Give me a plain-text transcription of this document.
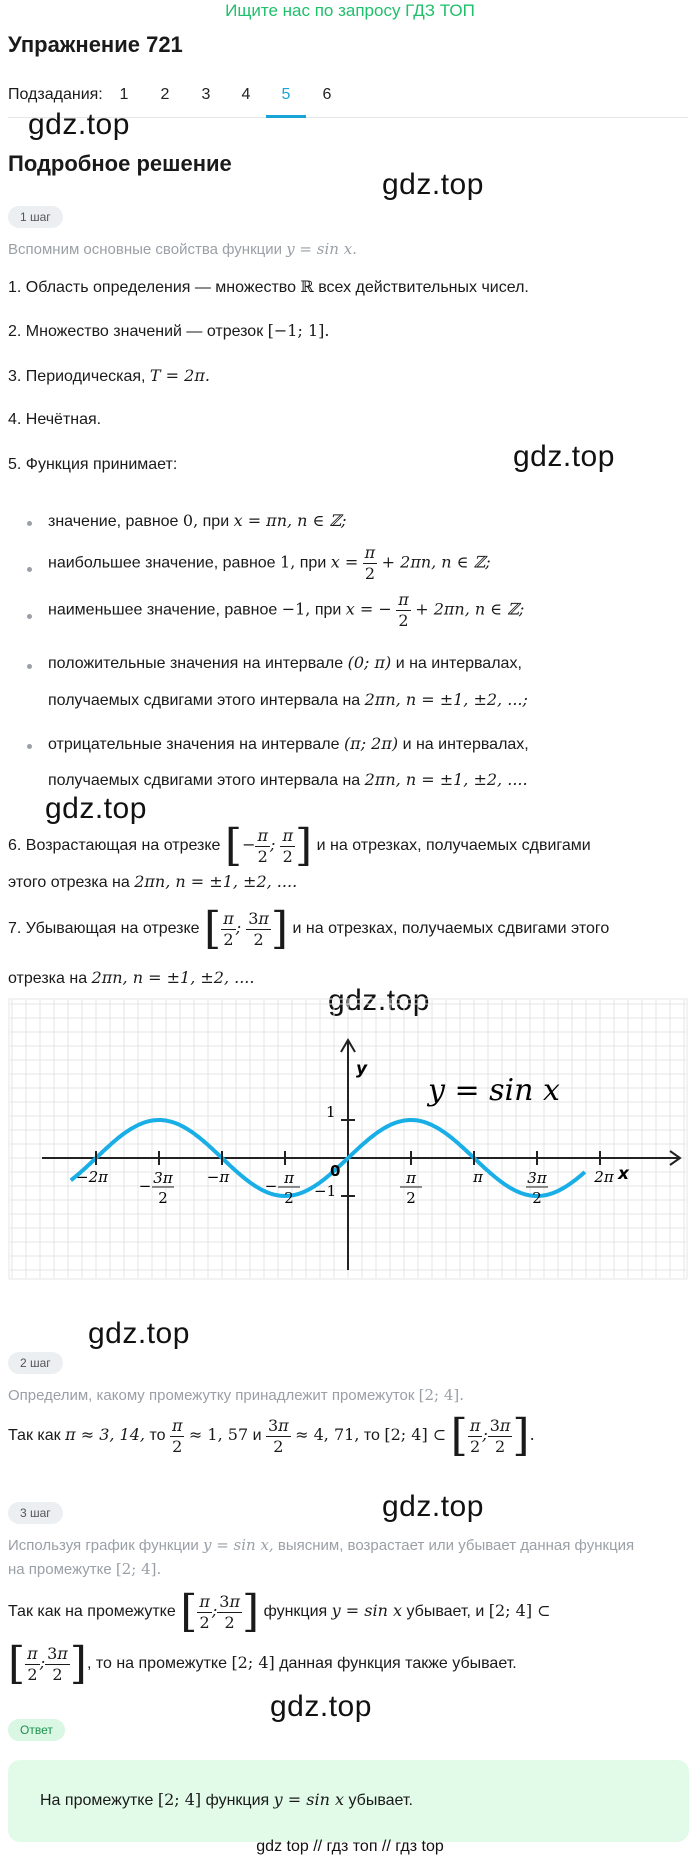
Ищите нас по запросу ГДЗ ТОП
Упражнение 721
Подзадания:	1	2	3	4	5	6
gdz.top
Подробное решение
gdz.top
1 шаг
Вспомним основные свойства функции y = sin x.
1. Область определения — множество ℝ всех действительных чисел.
2. Множество значений — отрезок [−1; 1].
3. Периодическая, T = 2π.
4. Нечётная.
5. Функция принимает:	gdz.top
значение, равное 0, при x = πn, n ∈ ℤ;
наибольшее значение, равное 1, при $x = \frac{\pi}{2} + 2\pi n$, n ∈ ℤ;
наименьшее значение, равное −1, при x = − $\frac{\pi}{2} + 2\pi n$, n ∈ ℤ;
положительные значения на интервале (0; π) и на интервалах,
получаемых сдвигами этого интервала на 2πn, n = ±1, ±2, ...;
отрицательные значения на интервале (π; 2π) и на интервалах,
получаемых сдвигами этого интервала на 2πn, n = ±1, ±2, ....
gdz.top
6. Возрастающая на отрезке [− $\frac{\pi}{2}$ ; $\frac{\pi}{2}$ ] и на отрезках, получаемых сдвигами
этого отрезка на 2πn, n = ±1, ±2, ....
7. Убывающая на отрезке [ $\frac{\pi}{2}$ ; $\frac{3\pi}{2}$ ] и на отрезках, получаемых сдвигами этого
отрезка на 2πn, n = ±1, ±2, ....
gdz.top
−2π − 3π
2
−π − π
2
π
2
π	3π
2
2π
y
x
0
1
−1
y = sin x
gdz.top
2 шаг
Определим, какому промежутку принадлежит промежуток [2; 4].
Так как π ≈ 3, 14, то $\frac{\pi}{2} \approx 1$, 57 и $\frac{3\pi}{2} \approx 4$, 71, то [2; 4] ⊂ [ $\frac{\pi}{2}$ ; $\frac{3\pi}{2}$ ].
3 шаг	gdz.top
Используя график функции y = sin x, выясним, возрастает или убывает данная функция
на промежутке [2; 4].
Так как на промежутке [ $\frac{\pi}{2}$ ; $\frac{3\pi}{2}$ ] функция y = sin x убывает, и [2; 4] ⊂
[ $\frac{\pi}{2}$ ; $\frac{3\pi}{2}$ ], то на промежутке [2; 4] данная функция также убывает.
gdz.top
Ответ
На промежутке [2; 4] функция y = sin x убывает.
gdz top // гдз топ // гдз top
